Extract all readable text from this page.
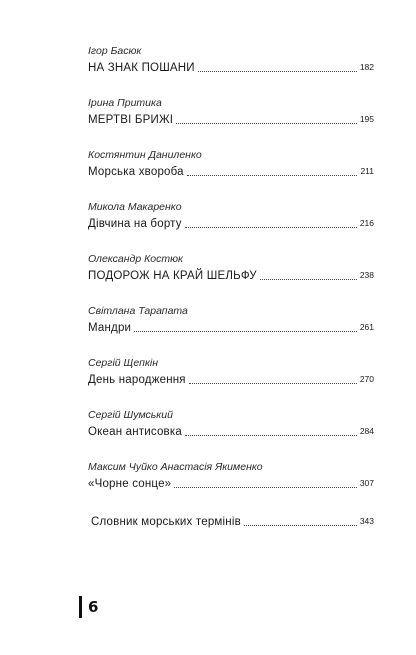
Ігор Басюк
НА ЗНАК ПОШАНИ	182
Ірина Притика
МЕРТВІ БРИЖІ	195
Костянтин Даниленко
Морська хвороба	211
Микола Макаренко
Дівчина на борту	216
Олександр Костюк
ПОДОРОЖ НА КРАЙ ШЕЛЬФУ	238
Світлана Тарапата
Мандри	261
Сергій Щепкін
День народження	270
Сергій Шумський
Океан антисовка	284
Максим Чуйко Анастасія Якименко
«Чорне сонце»	307
Словник морських термінів	343
6
